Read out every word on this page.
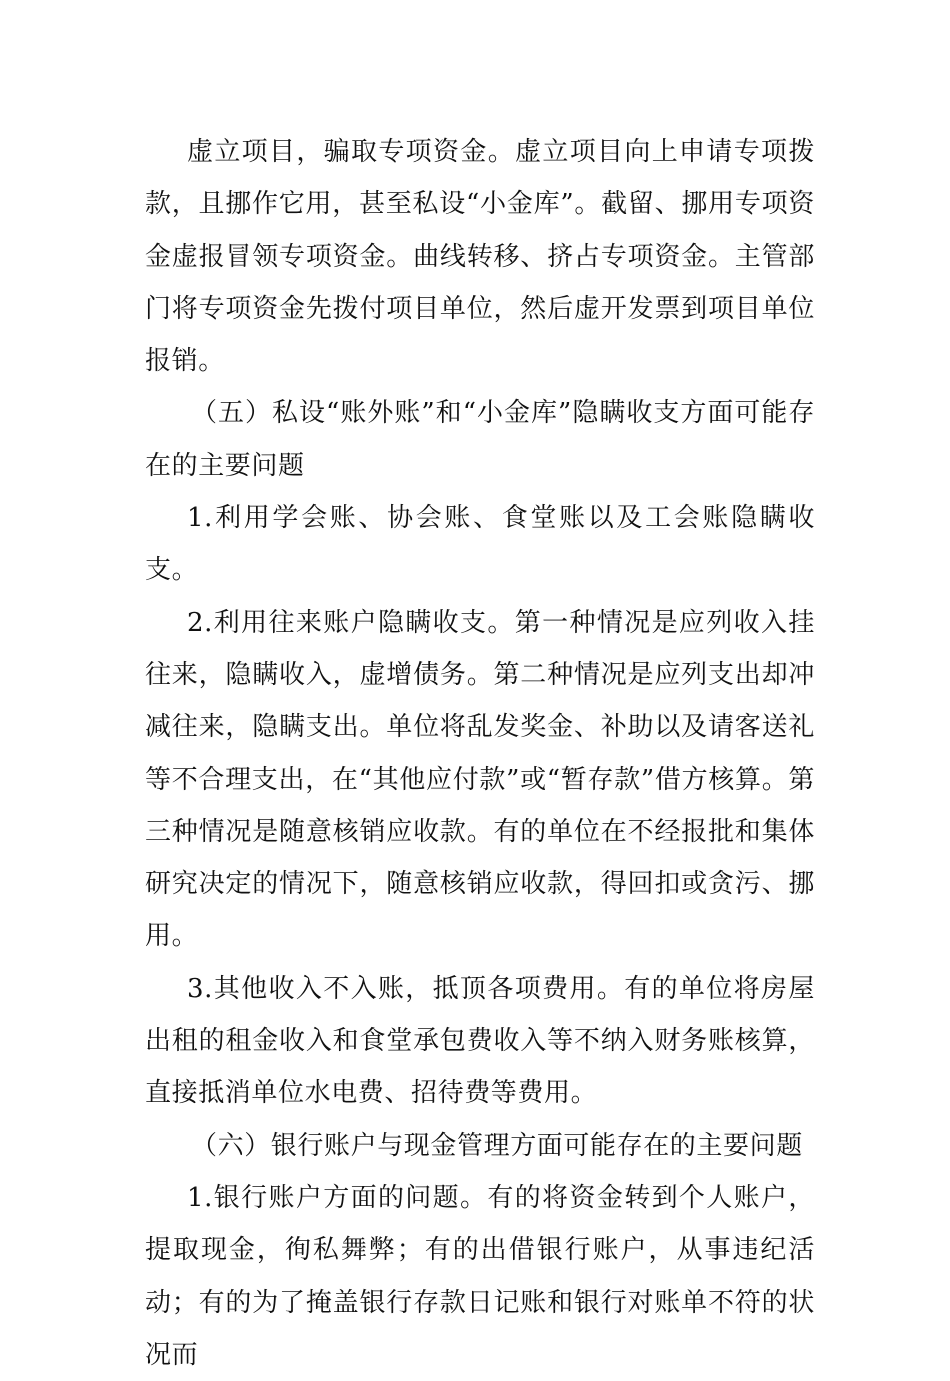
虚立项目，骗取专项资金。虚立项目向上申请专项拨款，且挪作它用，甚至私设“小金库”。截留、挪用专项资金虚报冒领专项资金。曲线转移、挤占专项资金。主管部门将专项资金先拨付项目单位，然后虚开发票到项目单位报销。

（五）私设“账外账”和“小金库”隐瞒收支方面可能存在的主要问题

1.利用学会账、协会账、食堂账以及工会账隐瞒收支。

2.利用往来账户隐瞒收支。第一种情况是应列收入挂往来，隐瞒收入，虚增债务。第二种情况是应列支出却冲减往来，隐瞒支出。单位将乱发奖金、补助以及请客送礼等不合理支出，在“其他应付款”或“暂存款”借方核算。第三种情况是随意核销应收款。有的单位在不经报批和集体研究决定的情况下，随意核销应收款，得回扣或贪污、挪用。

3.其他收入不入账，抵顶各项费用。有的单位将房屋出租的租金收入和食堂承包费收入等不纳入财务账核算，直接抵消单位水电费、招待费等费用。

（六）银行账户与现金管理方面可能存在的主要问题

1.银行账户方面的问题。有的将资金转到个人账户，提取现金，徇私舞弊；有的出借银行账户，从事违纪活动；有的为了掩盖银行存款日记账和银行对账单不符的状况而
